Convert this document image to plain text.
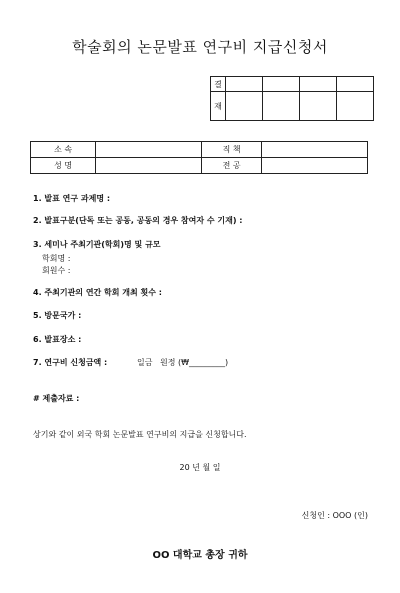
학술회의 논문발표 연구비 지급신청서
결				
재				
소 속		직 책	
성 명		전 공	
1. 발표 연구 과제명 :
2. 발표구분(단독 또는 공동, 공동의 경우 참여자 수 기재) :
3. 세미나 주최기관(학회)명 및 규모
학회명 :
회원수 :
4. 주최기관의 연간 학회 개최 횟수 :
5. 방문국가 :
6. 발표장소 :
7. 연구비 신청금액 :	일금 원정 (₩_________)
# 제출자료 :
상기와 같이 외국 학회 논문발표 연구비의 지급을 신청합니다.
20 년 월 일
신청인 : OOO (인)
OO 대학교 총장 귀하
